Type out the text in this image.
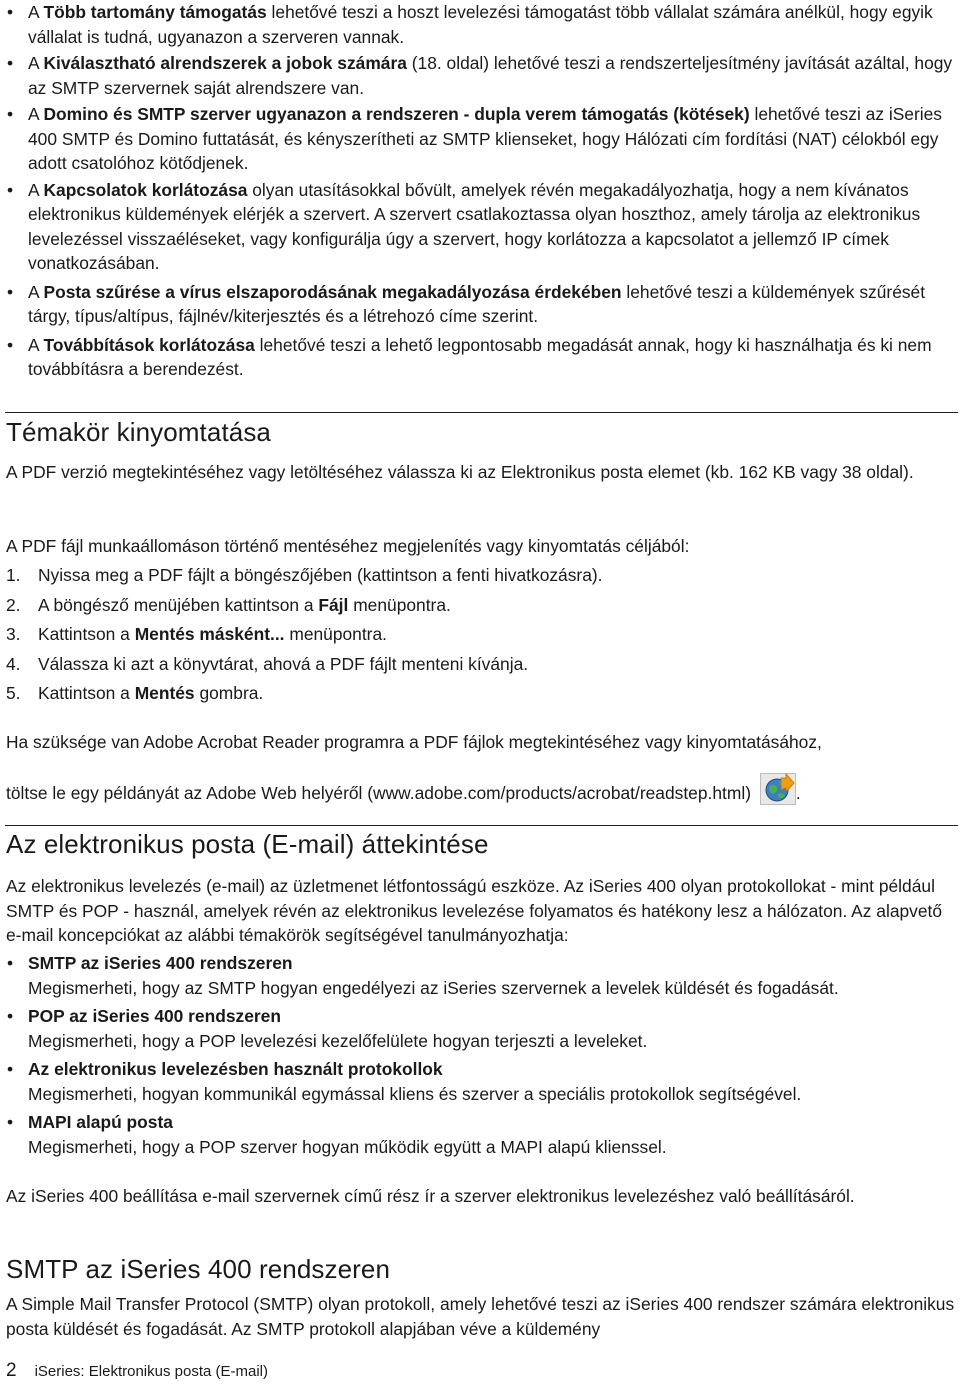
• A Több tartomány támogatás lehetővé teszi a hoszt levelezési támogatást több vállalat számára anélkül, hogy egyik vállalat is tudná, ugyanazon a szerveren vannak.
• A Kiválasztható alrendszerek a jobok számára (18. oldal) lehetővé teszi a rendszerteljesítmény javítását azáltal, hogy az SMTP szervernek saját alrendszere van.
• A Domino és SMTP szerver ugyanazon a rendszeren - dupla verem támogatás (kötések) lehetővé teszi az iSeries 400 SMTP és Domino futtatását, és kényszerítheti az SMTP klienseket, hogy Hálózati cím fordítási (NAT) célokból egy adott csatolóhoz kötődjenek.
• A Kapcsolatok korlátozása olyan utasításokkal bővült, amelyek révén megakadályozhatja, hogy a nem kívánatos elektronikus küldemények elérjék a szervert. A szervert csatlakoztassa olyan hoszthoz, amely tárolja az elektronikus levelezéssel visszaéléseket, vagy konfigurálja úgy a szervert, hogy korlátozza a kapcsolatot a jellemző IP címek vonatkozásában.
• A Posta szűrése a vírus elszaporodásának megakadályozása érdekében lehetővé teszi a küldemények szűrését tárgy, típus/altípus, fájlnév/kiterjesztés és a létrehozó címe szerint.
• A Továbbítások korlátozása lehetővé teszi a lehető legpontosabb megadását annak, hogy ki használhatja és ki nem továbbításra a berendezést.
Témakör kinyomtatása
A PDF verzió megtekintéséhez vagy letöltéséhez válassza ki az Elektronikus posta elemet (kb. 162 KB vagy 38 oldal).
A PDF fájl munkaállomáson történő mentéséhez megjelenítés vagy kinyomtatás céljából:
1. Nyissa meg a PDF fájlt a böngészőjében (kattintson a fenti hivatkozásra).
2. A böngésző menüjében kattintson a Fájl menüpontra.
3. Kattintson a Mentés másként... menüpontra.
4. Válassza ki azt a könyvtárat, ahová a PDF fájlt menteni kívánja.
5. Kattintson a Mentés gombra.
Ha szüksége van Adobe Acrobat Reader programra a PDF fájlok megtekintéséhez vagy kinyomtatásához,
töltse le egy példányát az Adobe Web helyéről (www.adobe.com/products/acrobat/readstep.html)	.
Az elektronikus posta (E-mail) áttekintése
Az elektronikus levelezés (e-mail) az üzletmenet létfontosságú eszköze. Az iSeries 400 olyan protokollokat - mint például SMTP és POP - használ, amelyek révén az elektronikus levelezése folyamatos és hatékony lesz a hálózaton. Az alapvető e-mail koncepciókat az alábbi témakörök segítségével tanulmányozhatja:
• SMTP az iSeries 400 rendszeren
Megismerheti, hogy az SMTP hogyan engedélyezi az iSeries szervernek a levelek küldését és fogadását.
• POP az iSeries 400 rendszeren
Megismerheti, hogy a POP levelezési kezelőfelülete hogyan terjeszti a leveleket.
• Az elektronikus levelezésben használt protokollok
Megismerheti, hogyan kommunikál egymással kliens és szerver a speciális protokollok segítségével.
• MAPI alapú posta
Megismerheti, hogy a POP szerver hogyan működik együtt a MAPI alapú klienssel.
Az iSeries 400 beállítása e-mail szervernek című rész ír a szerver elektronikus levelezéshez való beállításáról.
SMTP az iSeries 400 rendszeren
A Simple Mail Transfer Protocol (SMTP) olyan protokoll, amely lehetővé teszi az iSeries 400 rendszer számára elektronikus posta küldését és fogadását. Az SMTP protokoll alapjában véve a küldemény
2 iSeries: Elektronikus posta (E-mail)
